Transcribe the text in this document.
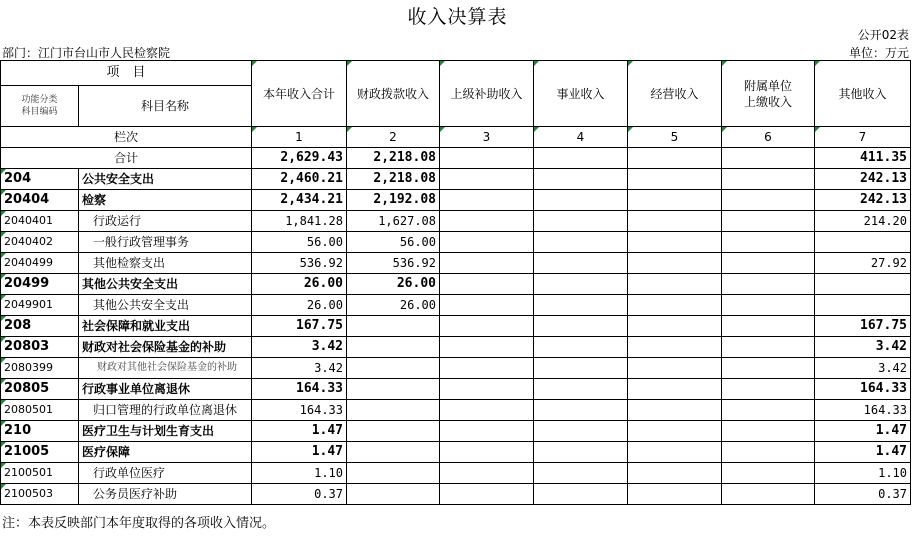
收入决算表
公开02表
部门：江门市台山市人民检察院	单位：万元
项　目		本年收入合计	财政拨款收入	上级补助收入	事业收入	经营收入	附属单位
上缴收入	其他收入

功能分类
科目编码	科目名称							
栏次		1	2	3	4	5	6	7
合计		2,629.43	2,218.08					411.35
204	公共安全支出	2,460.21	2,218.08					242.13
20404	检察	2,434.21	2,192.08					242.13
2040401	行政运行	1,841.28	1,627.08					214.20
2040402	一般行政管理事务	56.00	56.00					
2040499	其他检察支出	536.92	536.92					27.92
20499	其他公共安全支出	26.00	26.00					
2049901	其他公共安全支出	26.00	26.00					
208	社会保障和就业支出	167.75						167.75
20803	财政对社会保险基金的补助	3.42						3.42
2080399	财政对其他社会保险基金的补助	3.42						3.42
20805	行政事业单位离退休	164.33						164.33
2080501	归口管理的行政单位离退休	164.33						164.33
210	医疗卫生与计划生育支出	1.47						1.47
21005	医疗保障	1.47						1.47
2100501	行政单位医疗	1.10						1.10
2100503	公务员医疗补助	0.37						0.37
注：本表反映部门本年度取得的各项收入情况。
